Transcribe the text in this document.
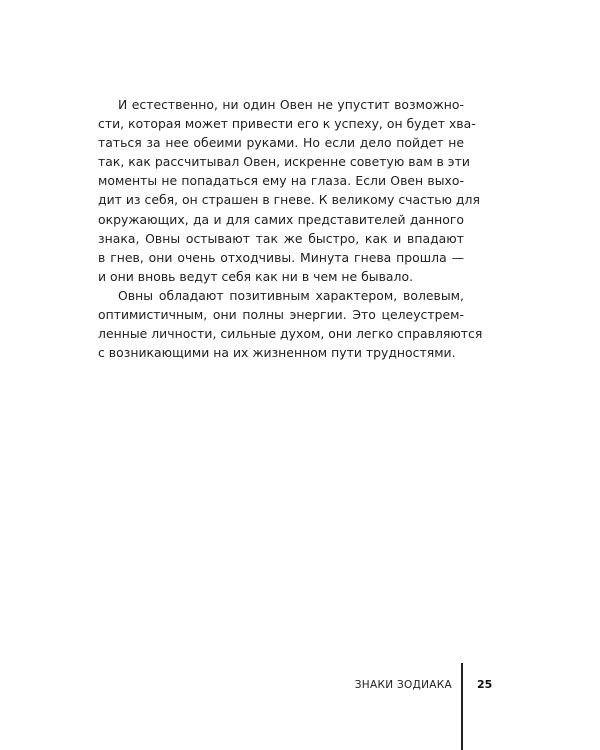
И естественно, ни один Овен не упустит возможно-
сти, которая может привести его к успеху, он будет хва-
таться за нее обеими руками. Но если дело пойдет не
так, как рассчитывал Овен, искренне советую вам в эти
моменты не попадаться ему на глаза. Если Овен выхо-
дит из себя, он страшен в гневе. К великому счастью для
окружающих, да и для самих представителей данного
знака, Овны остывают так же быстро, как и впадают
в гнев, они очень отходчивы. Минута гнева прошла —
и они вновь ведут себя как ни в чем не бывало.
Овны обладают позитивным характером, волевым,
оптимистичным, они полны энергии. Это целеустрем-
ленные личности, сильные духом, они легко справляются
с возникающими на их жизненном пути трудностями.
ЗНАКИ ЗОДИАКА 25
